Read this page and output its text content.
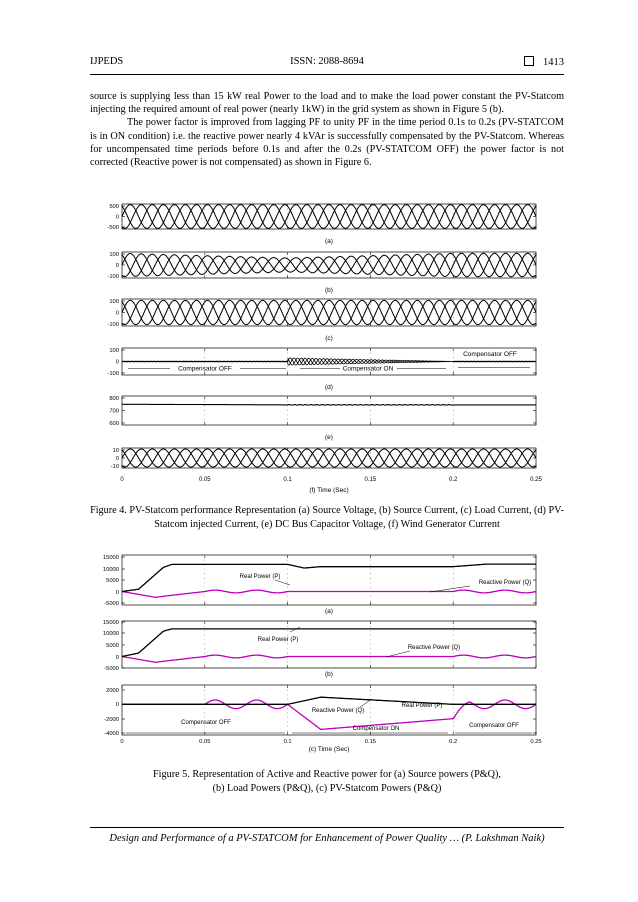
IJPEDS	ISSN: 2088-8694	1413

source is supplying less than 15 kW real Power to the load and to make the load power constant the PV-Statcom injecting the required amount of real power (nearly 1kW) in the grid system as shown in Figure 5 (b).

The power factor is improved from lagging PF to unity PF in the time period 0.1s to 0.2s (PV-STATCOM is in ON condition) i.e. the reactive power nearly 4 kVAr is successfully compensated by the PV-Statcom. Whereas for uncompensated time periods before 0.1s and after the 0.2s (PV-STATCOM OFF) the power factor is not corrected (Reactive power is not compensated) as shown in Figure 6.

500
0
-500
(a)
100
0
-100
(b)
100
0
-100
(c)
100
0
-100
(d)
800
700
600
(e)
10
0
-10
Compensator OFF	Compensator ON
Compensator OFF
0	0.05	0.1	0.15	0.2	0.25
(f) Time (Sec)
Figure 4. PV-Statcom performance Representation (a) Source Voltage, (b) Source Current, (c) Load Current, (d) PV-Statcom injected Current, (e) DC Bus Capacitor Voltage, (f) Wind Generator Current
15000
10000
5000
0
-5000
(a)
15000
10000
5000
0
-5000
(b)
2000
0
-2000
-4000
Real Power (P)
Reactive Power (Q)
Real Power (P)
Reactive Power (Q)
Real Power (P)
Reactive Power (Q)
Compensator OFF
Compensator ON	Compensator OFF
0	0.05	0.1	0.15	0.2	0.25
(c) Time (Sec)
Figure 5. Representation of Active and Reactive power for (a) Source powers (P&Q),
(b) Load Powers (P&Q), (c) PV-Statcom Powers (P&Q)
Design and Performance of a PV-STATCOM for Enhancement of Power Quality … (P. Lakshman Naik)
